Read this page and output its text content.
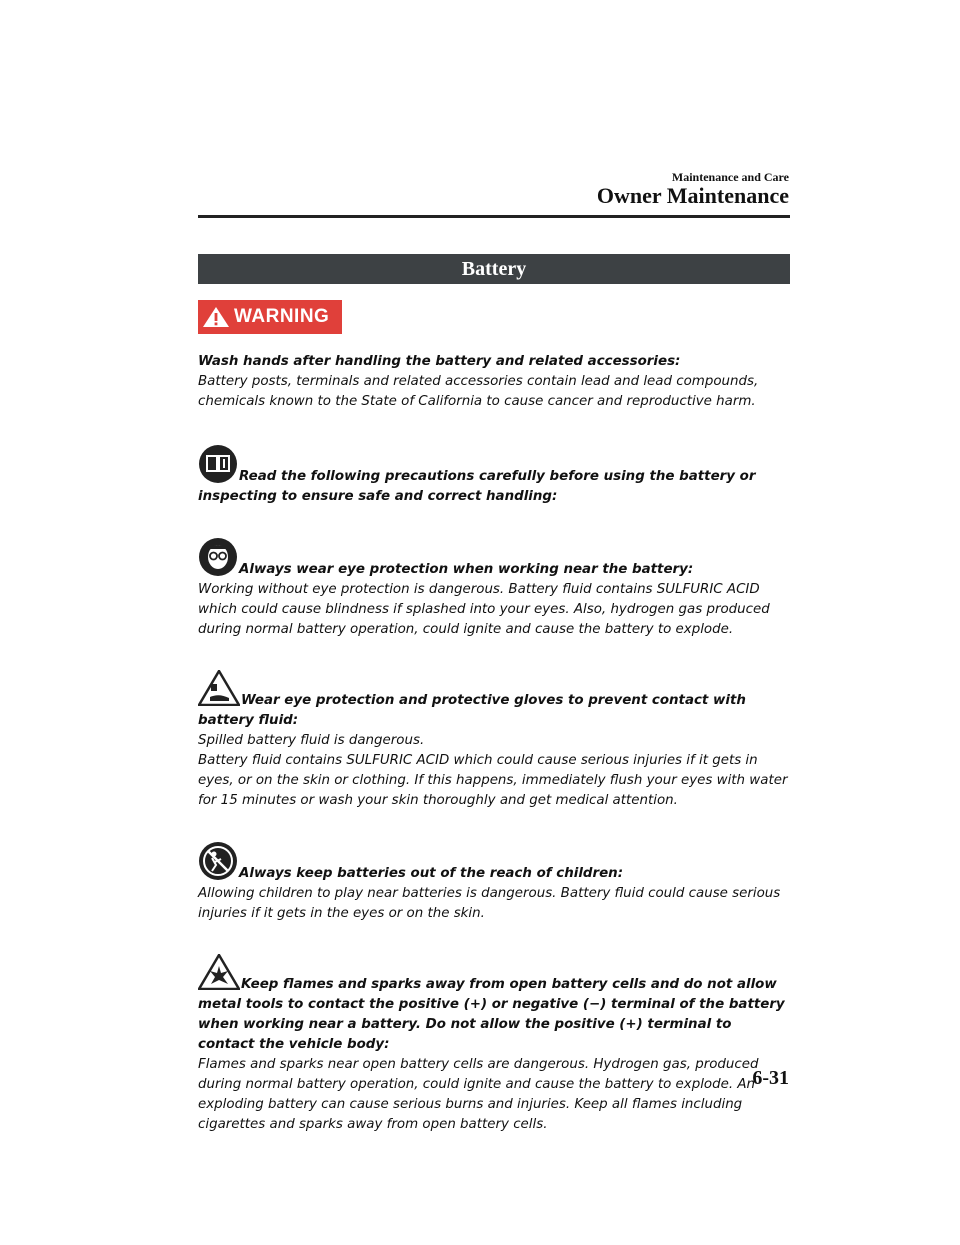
Maintenance and Care
Owner Maintenance
Battery
WARNING
Wash hands after handling the battery and related accessories:
Battery posts, terminals and related accessories contain lead and lead compounds, chemicals known to the State of California to cause cancer and reproductive harm.
Read the following precautions carefully before using the battery or inspecting to ensure safe and correct handling:
Always wear eye protection when working near the battery:
Working without eye protection is dangerous. Battery fluid contains SULFURIC ACID which could cause blindness if splashed into your eyes. Also, hydrogen gas produced during normal battery operation, could ignite and cause the battery to explode.
Wear eye protection and protective gloves to prevent contact with battery fluid:
Spilled battery fluid is dangerous.
Battery fluid contains SULFURIC ACID which could cause serious injuries if it gets in eyes, or on the skin or clothing. If this happens, immediately flush your eyes with water for 15 minutes or wash your skin thoroughly and get medical attention.
Always keep batteries out of the reach of children:
Allowing children to play near batteries is dangerous. Battery fluid could cause serious injuries if it gets in the eyes or on the skin.
Keep flames and sparks away from open battery cells and do not allow metal tools to contact the positive (+) or negative (−) terminal of the battery when working near a battery. Do not allow the positive (+) terminal to contact the vehicle body:
Flames and sparks near open battery cells are dangerous. Hydrogen gas, produced during normal battery operation, could ignite and cause the battery to explode. An exploding battery can cause serious burns and injuries. Keep all flames including cigarettes and sparks away from open battery cells.
6-31
